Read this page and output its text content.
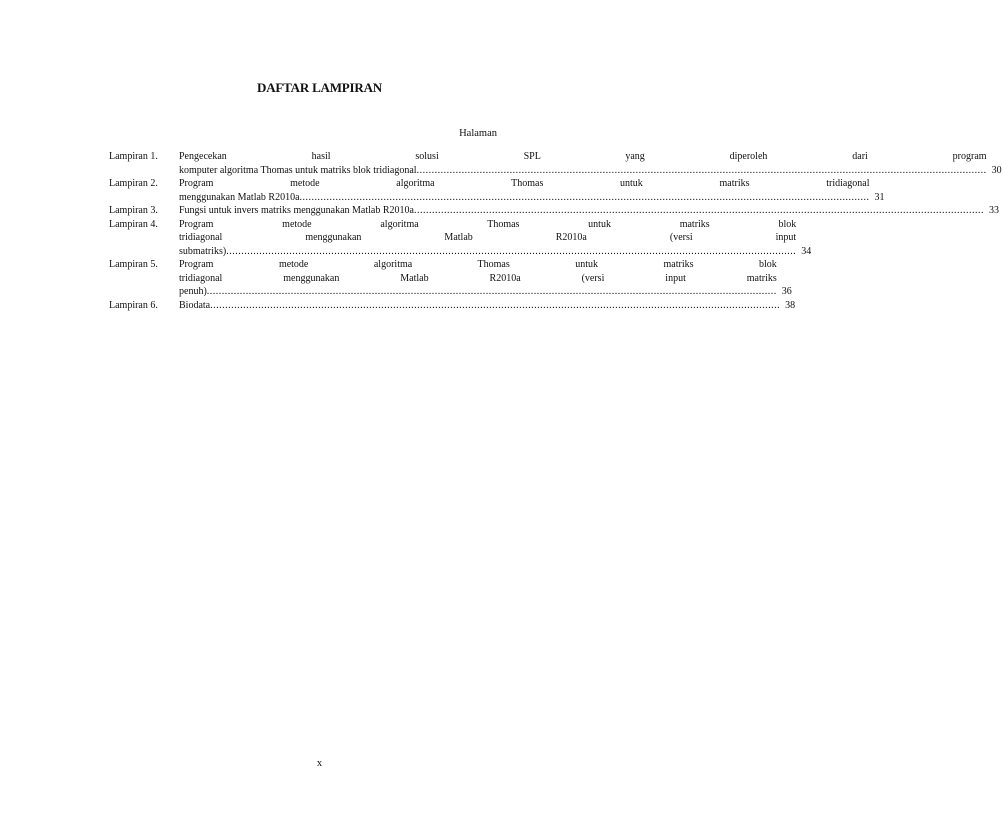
DAFTAR LAMPIRAN
Halaman
Lampiran 1.	Pengecekan hasil solusi SPL yang diperoleh dari program
komputer algoritma Thomas untuk matriks blok tridiagonal .....	30
Lampiran 2.	Program metode algoritma Thomas untuk matriks tridiagonal
menggunakan Matlab R2010a .....	31
Lampiran 3.	Fungsi untuk invers matriks menggunakan Matlab R2010a .....	33
Lampiran 4.	Program metode algoritma Thomas untuk matriks blok
tridiagonal menggunakan Matlab R2010a (versi input
submatriks) .....	34
Lampiran 5.	Program metode algoritma Thomas untuk matriks blok
tridiagonal menggunakan Matlab R2010a (versi input matriks
penuh) .....	36
Lampiran 6.	Biodata .....	38
x
